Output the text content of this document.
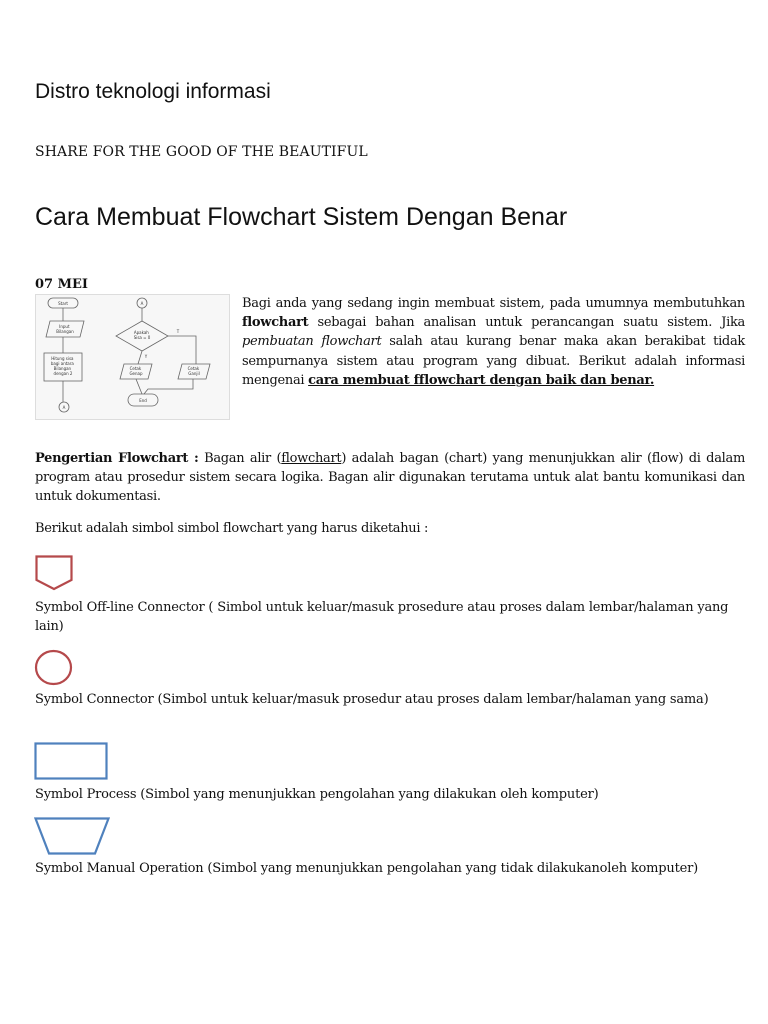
Distro teknologi informasi
SHARE FOR THE GOOD OF THE BEAUTIFUL
Cara Membuat Flowchart Sistem Dengan Benar
07 MEI
Start
Input Bilangan
Hitung sisa bagi antara Bilangan dengan 2
A
A
Apakah Sisa = 0
Y
T
Cetak Genap
Cetak Ganjil
End
Bagi anda yang sedang ingin membuat sistem, pada umumnya membutuhkan flowchart sebagai bahan analisan untuk perancangan suatu sistem. Jika pembuatan flowchart salah atau kurang benar maka akan berakibat tidak sempurnanya sistem atau program yang dibuat. Berikut adalah informasi mengenai cara membuat fflowchart dengan baik dan benar.
Pengertian Flowchart : Bagan alir (flowchart) adalah bagan (chart) yang menunjukkan alir (flow) di dalam program atau prosedur sistem secara logika. Bagan alir digunakan terutama untuk alat bantu komunikasi dan untuk dokumentasi.
Berikut adalah simbol simbol flowchart yang harus diketahui :
Symbol Off-line Connector ( Simbol untuk keluar/masuk prosedure atau proses dalam lembar/halaman yang lain)
Symbol Connector (Simbol untuk keluar/masuk prosedur atau proses dalam lembar/halaman yang sama)
Symbol Process (Simbol yang menunjukkan pengolahan yang dilakukan oleh komputer)
Symbol Manual Operation (Simbol yang menunjukkan pengolahan yang tidak dilakukanoleh komputer)
